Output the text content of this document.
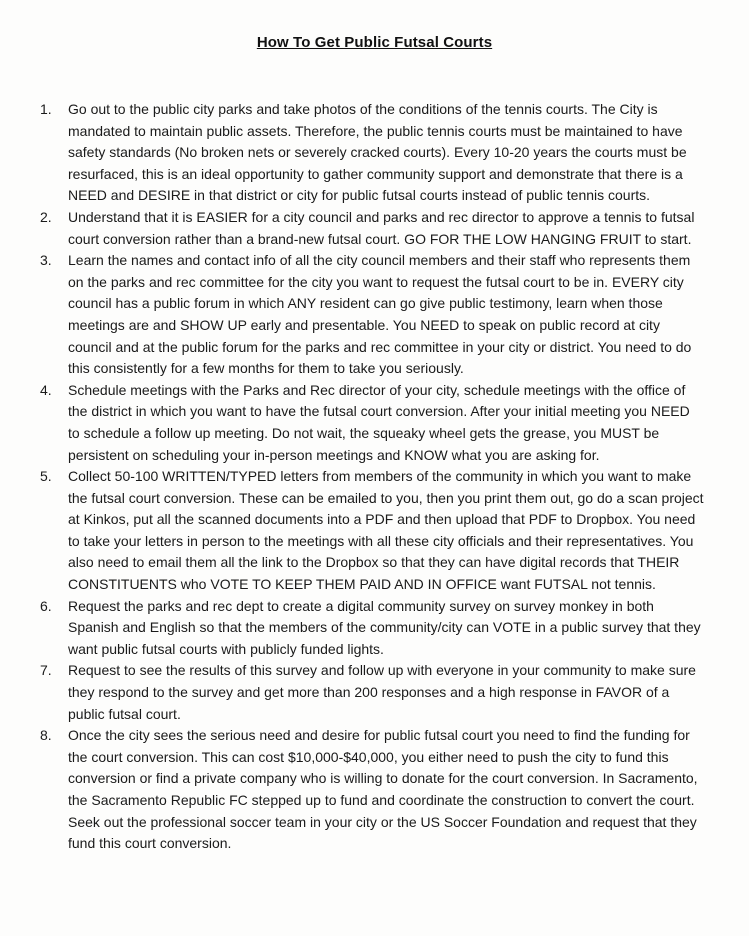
How To Get Public Futsal Courts
1.	Go out to the public city parks and take photos of the conditions of the tennis courts. The City is mandated to maintain public assets. Therefore, the public tennis courts must be maintained to have safety standards (No broken nets or severely cracked courts). Every 10-20 years the courts must be resurfaced, this is an ideal opportunity to gather community support and demonstrate that there is a NEED and DESIRE in that district or city for public futsal courts instead of public tennis courts.
2.	Understand that it is EASIER for a city council and parks and rec director to approve a tennis to futsal court conversion rather than a brand-new futsal court. GO FOR THE LOW HANGING FRUIT to start.
3.	Learn the names and contact info of all the city council members and their staff who represents them on the parks and rec committee for the city you want to request the futsal court to be in. EVERY city council has a public forum in which ANY resident can go give public testimony, learn when those meetings are and SHOW UP early and presentable. You NEED to speak on public record at city council and at the public forum for the parks and rec committee in your city or district. You need to do this consistently for a few months for them to take you seriously.
4.	Schedule meetings with the Parks and Rec director of your city, schedule meetings with the office of the district in which you want to have the futsal court conversion. After your initial meeting you NEED to schedule a follow up meeting. Do not wait, the squeaky wheel gets the grease, you MUST be persistent on scheduling your in-person meetings and KNOW what you are asking for.
5.	Collect 50-100 WRITTEN/TYPED letters from members of the community in which you want to make the futsal court conversion. These can be emailed to you, then you print them out, go do a scan project at Kinkos, put all the scanned documents into a PDF and then upload that PDF to Dropbox. You need to take your letters in person to the meetings with all these city officials and their representatives. You also need to email them all the link to the Dropbox so that they can have digital records that THEIR CONSTITUENTS who VOTE TO KEEP THEM PAID AND IN OFFICE want FUTSAL not tennis.
6.	Request the parks and rec dept to create a digital community survey on survey monkey in both Spanish and English so that the members of the community/city can VOTE in a public survey that they want public futsal courts with publicly funded lights.
7.	Request to see the results of this survey and follow up with everyone in your community to make sure they respond to the survey and get more than 200 responses and a high response in FAVOR of a public futsal court.
8.	Once the city sees the serious need and desire for public futsal court you need to find the funding for the court conversion. This can cost $10,000-$40,000, you either need to push the city to fund this conversion or find a private company who is willing to donate for the court conversion. In Sacramento, the Sacramento Republic FC stepped up to fund and coordinate the construction to convert the court. Seek out the professional soccer team in your city or the US Soccer Foundation and request that they fund this court conversion.
